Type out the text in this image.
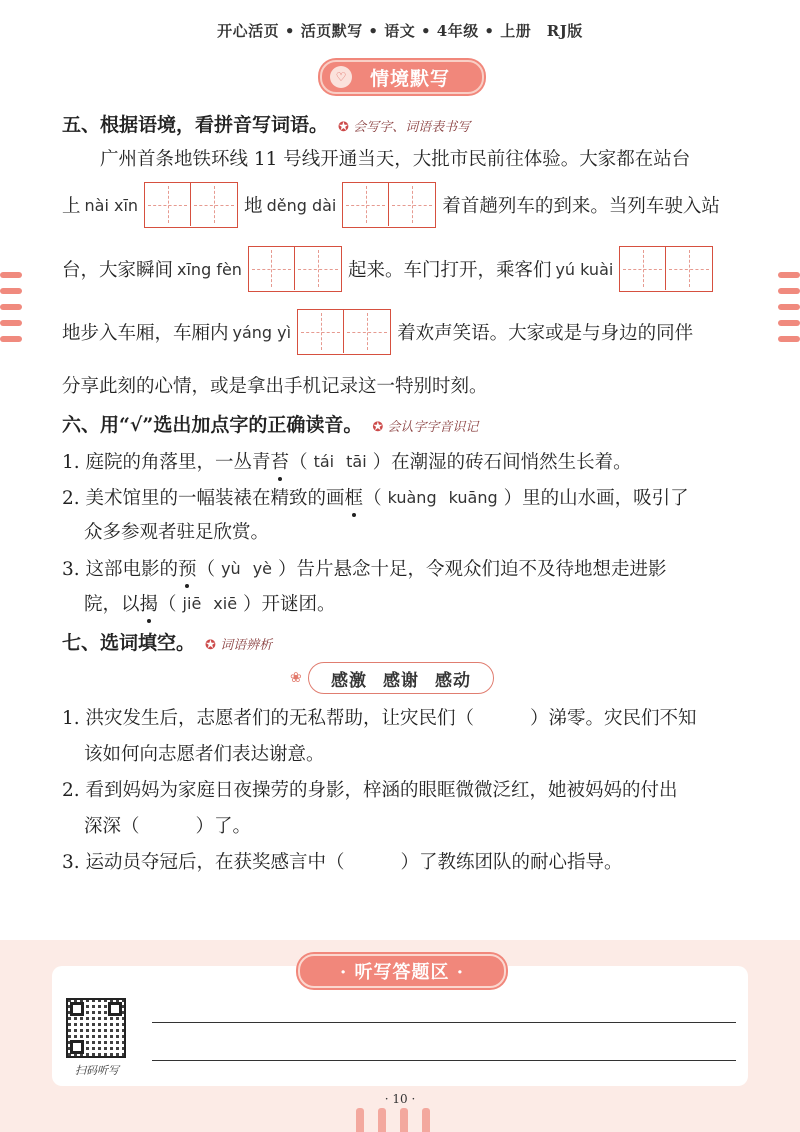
开心活页 • 活页默写 • 语文 • 4年级 • 上册　RJ版
♡	情境默写
五、根据语境，看拼音写词语。 ✪ 会写字、词语表书写
广州首条地铁环线 11 号线开通当天，大批市民前往体验。大家都在站台
上 nài xīn	地 děng dài	着首趟列车的到来。当列车驶入站
台，大家瞬间 xīng fèn	起来。车门打开，乘客们 yú kuài
地步入车厢，车厢内 yáng yì	着欢声笑语。大家或是与身边的同伴
分享此刻的心情，或是拿出手机记录这一特别时刻。
六、用“√”选出加点字的正确读音。 ✪ 会认字字音识记
1. 庭院的角落里，一丛青 苔 （ tái tāi ）在潮湿的砖石间悄然生长着。
2. 美术馆里的一幅装裱在精致的画 框 （ kuàng kuāng ）里的山水画，吸引了
众多参观者驻足欣赏。
3. 这部电影的 预 （ yù yè ）告片悬念十足，令观众们迫不及待地想走进影
院，以 揭 （ jiē xiē ）开谜团。
七、选词填空。 ✪ 词语辨析
❀ 感激 感谢 感动
1. 洪灾发生后，志愿者们的无私帮助，让灾民们（	）涕零。灾民们不知
该如何向志愿者们表达谢意。
2. 看到妈妈为家庭日夜操劳的身影，梓涵的眼眶微微泛红，她被妈妈的付出
深深（	）了。
3. 运动员夺冠后，在获奖感言中（	）了教练团队的耐心指导。
· 听写答题区 ·
扫码听写
· 10 ·
